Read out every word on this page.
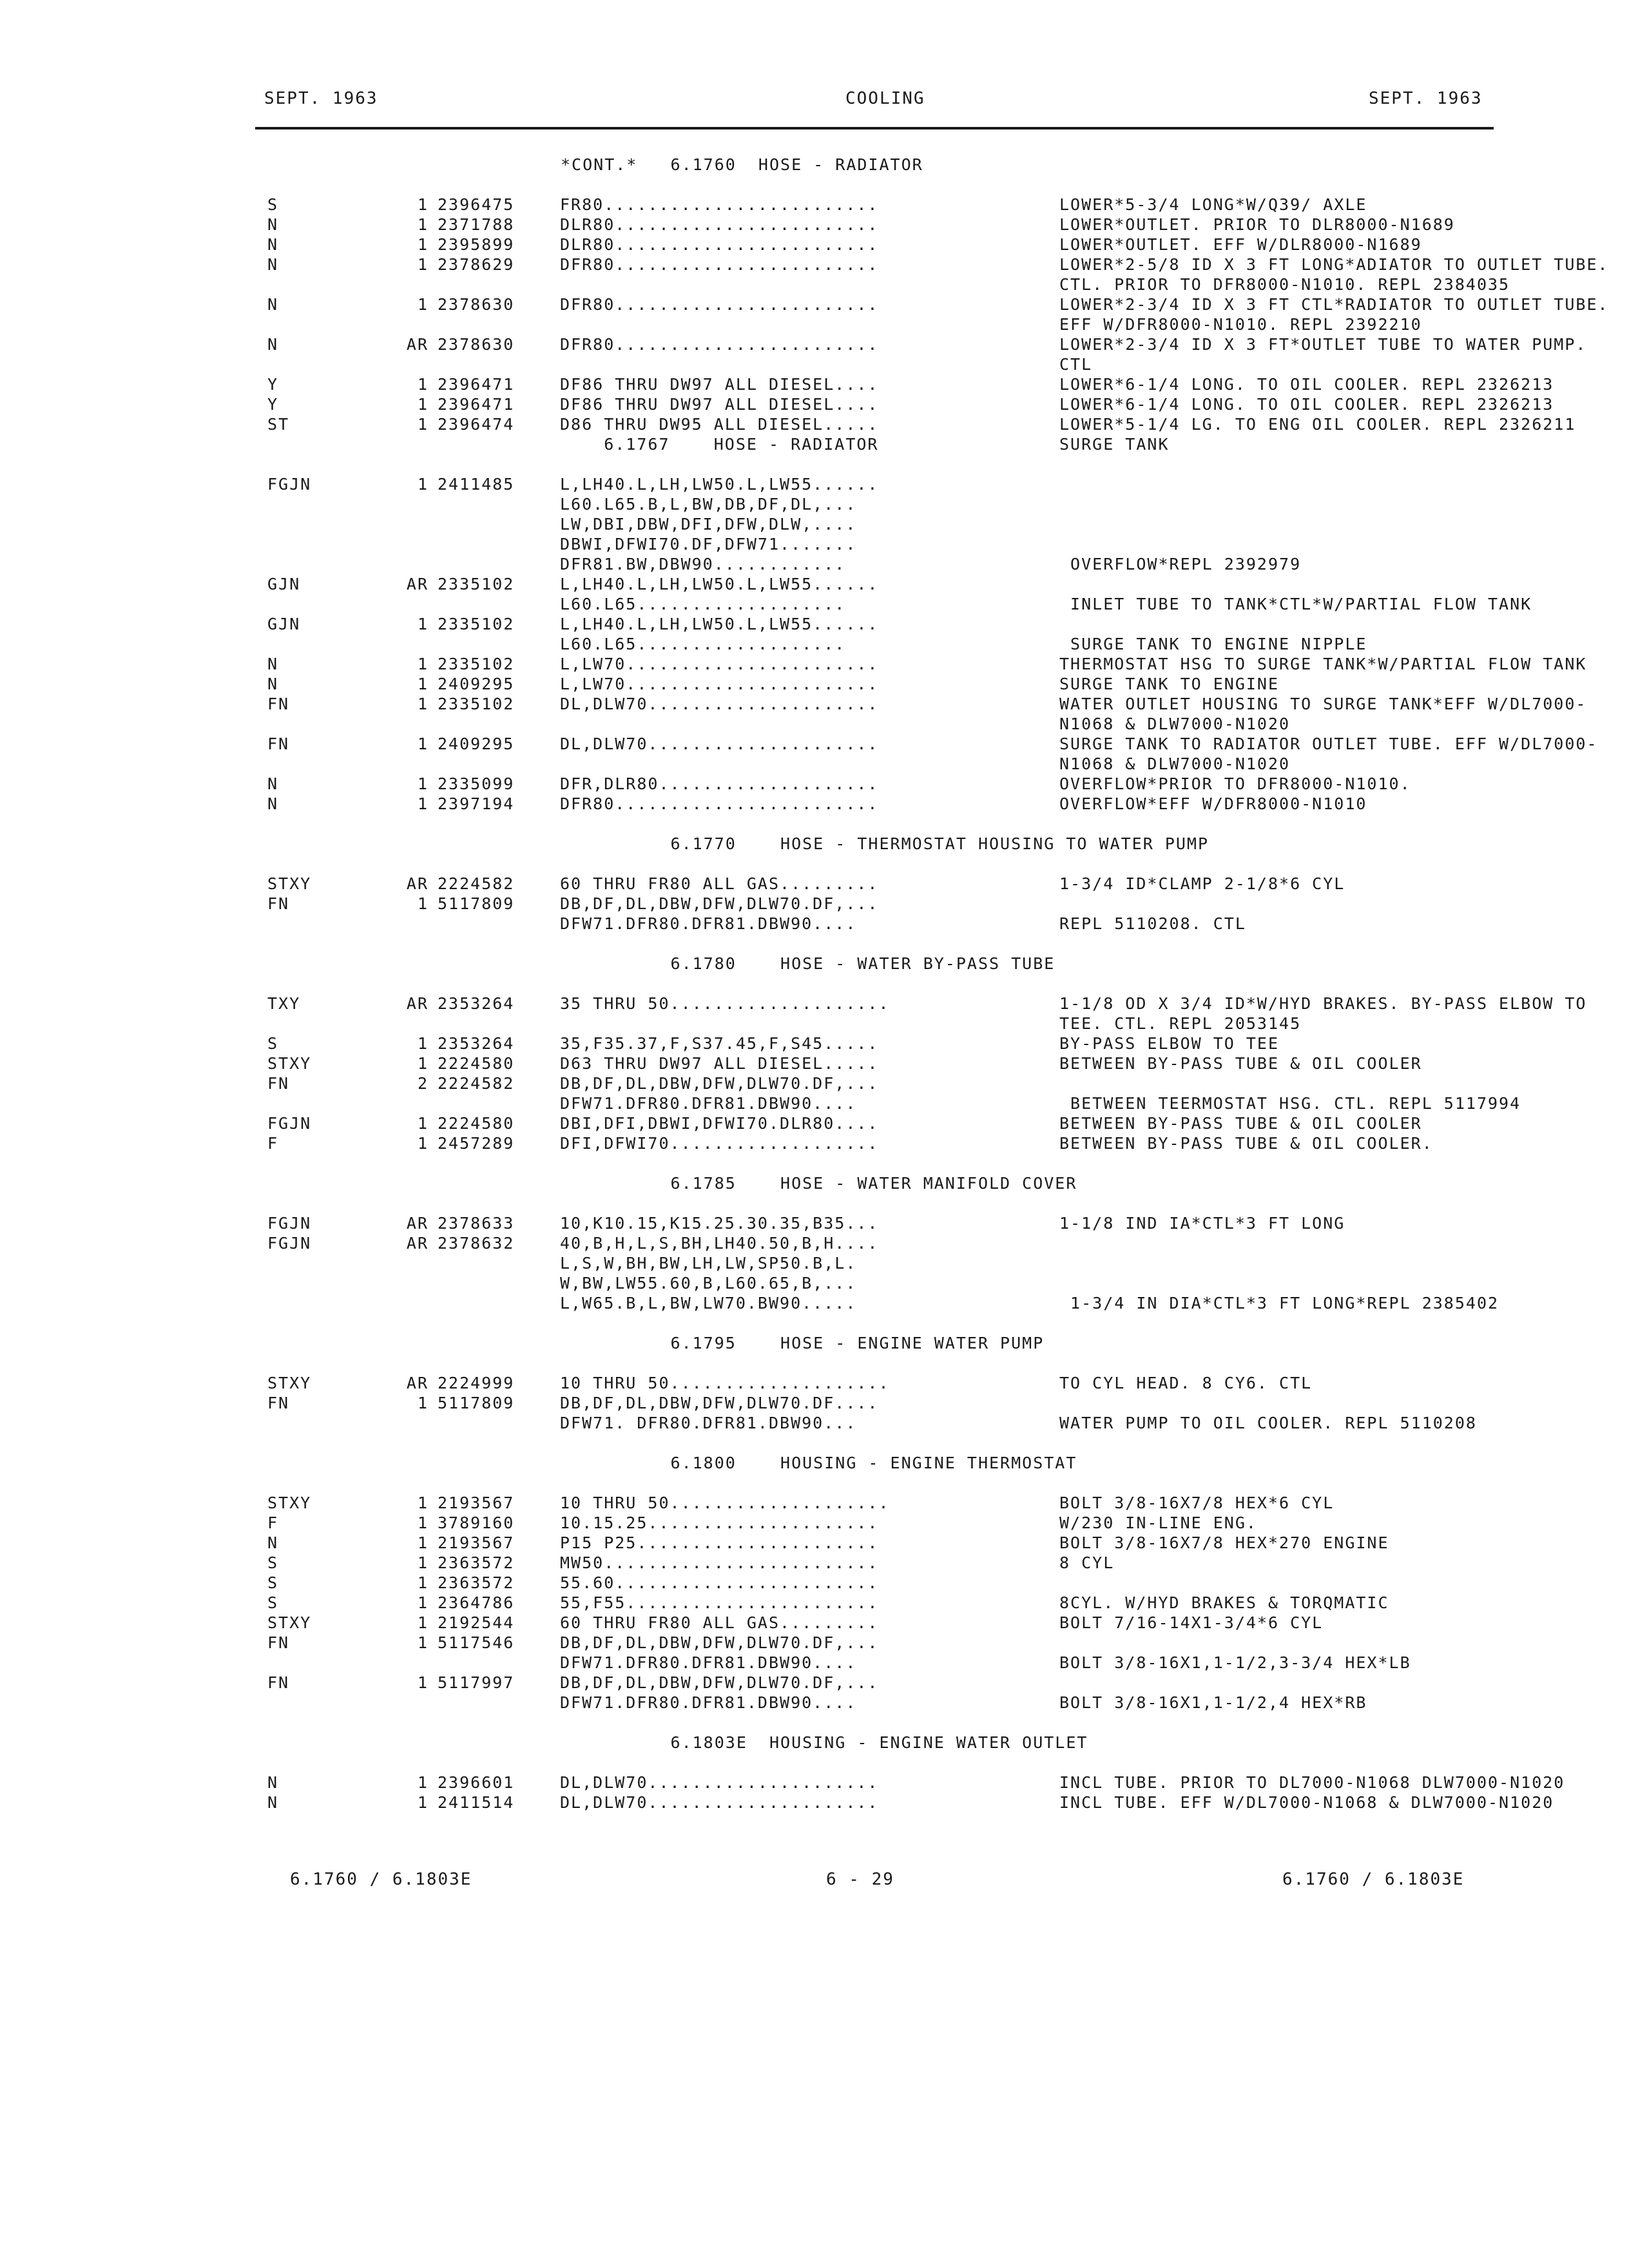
SEPT. 1963	COOLING	SEPT. 1963
*CONT.*   6.1760  HOSE - RADIATOR
S	1 2396475	FR80.........................	LOWER*5-3/4 LONG*W/Q39/ AXLE
N	1 2371788	DLR80........................	LOWER*OUTLET. PRIOR TO DLR8000-N1689
N	1 2395899	DLR80........................	LOWER*OUTLET. EFF W/DLR8000-N1689
N	1 2378629	DFR80........................	LOWER*2-5/8 ID X 3 FT LONG*ADIATOR TO OUTLET TUBE.
CTL. PRIOR TO DFR8000-N1010. REPL 2384035
N	1 2378630	DFR80........................	LOWER*2-3/4 ID X 3 FT CTL*RADIATOR TO OUTLET TUBE.
EFF W/DFR8000-N1010. REPL 2392210
N	AR 2378630	DFR80........................	LOWER*2-3/4 ID X 3 FT*OUTLET TUBE TO WATER PUMP.
CTL
Y	1 2396471	DF86 THRU DW97 ALL DIESEL....	LOWER*6-1/4 LONG. TO OIL COOLER. REPL 2326213
Y	1 2396471	DF86 THRU DW97 ALL DIESEL....	LOWER*6-1/4 LONG. TO OIL COOLER. REPL 2326213
ST	1 2396474	D86 THRU DW95 ALL DIESEL.....	LOWER*5-1/4 LG. TO ENG OIL COOLER. REPL 2326211
6.1767    HOSE - RADIATOR	SURGE TANK
FGJN	1 2411485	L,LH40.L,LH,LW50.L,LW55......
L60.L65.B,L,BW,DB,DF,DL,...
LW,DBI,DBW,DFI,DFW,DLW,....
DBWI,DFWI70.DF,DFW71.......
DFR81.BW,DBW90............	OVERFLOW*REPL 2392979
GJN	AR 2335102	L,LH40.L,LH,LW50.L,LW55......
L60.L65...................	INLET TUBE TO TANK*CTL*W/PARTIAL FLOW TANK
GJN	1 2335102	L,LH40.L,LH,LW50.L,LW55......
L60.L65...................	SURGE TANK TO ENGINE NIPPLE
N	1 2335102	L,LW70.......................	THERMOSTAT HSG TO SURGE TANK*W/PARTIAL FLOW TANK
N	1 2409295	L,LW70.......................	SURGE TANK TO ENGINE
FN	1 2335102	DL,DLW70.....................	WATER OUTLET HOUSING TO SURGE TANK*EFF W/DL7000-
N1068 & DLW7000-N1020
FN	1 2409295	DL,DLW70.....................	SURGE TANK TO RADIATOR OUTLET TUBE. EFF W/DL7000-
N1068 & DLW7000-N1020
N	1 2335099	DFR,DLR80....................	OVERFLOW*PRIOR TO DFR8000-N1010.
N	1 2397194	DFR80........................	OVERFLOW*EFF W/DFR8000-N1010
6.1770    HOSE - THERMOSTAT HOUSING TO WATER PUMP
STXY	AR 2224582	60 THRU FR80 ALL GAS.........	1-3/4 ID*CLAMP 2-1/8*6 CYL
FN	1 5117809	DB,DF,DL,DBW,DFW,DLW70.DF,...
DFW71.DFR80.DFR81.DBW90....	REPL 5110208. CTL
6.1780    HOSE - WATER BY-PASS TUBE
TXY	AR 2353264	35 THRU 50....................	1-1/8 OD X 3/4 ID*W/HYD BRAKES. BY-PASS ELBOW TO
TEE. CTL. REPL 2053145
S	1 2353264	35,F35.37,F,S37.45,F,S45.....	BY-PASS ELBOW TO TEE
STXY	1 2224580	D63 THRU DW97 ALL DIESEL.....	BETWEEN BY-PASS TUBE & OIL COOLER
FN	2 2224582	DB,DF,DL,DBW,DFW,DLW70.DF,...
DFW71.DFR80.DFR81.DBW90....	BETWEEN TEERMOSTAT HSG. CTL. REPL 5117994
FGJN	1 2224580	DBI,DFI,DBWI,DFWI70.DLR80....	BETWEEN BY-PASS TUBE & OIL COOLER
F	1 2457289	DFI,DFWI70...................	BETWEEN BY-PASS TUBE & OIL COOLER.
6.1785    HOSE - WATER MANIFOLD COVER
FGJN	AR 2378633	10,K10.15,K15.25.30.35,B35...	1-1/8 IND IA*CTL*3 FT LONG
FGJN	AR 2378632	40,B,H,L,S,BH,LH40.50,B,H....
L,S,W,BH,BW,LH,LW,SP50.B,L.
W,BW,LW55.60,B,L60.65,B,...
L,W65.B,L,BW,LW70.BW90.....	1-3/4 IN DIA*CTL*3 FT LONG*REPL 2385402
6.1795    HOSE - ENGINE WATER PUMP
STXY	AR 2224999	10 THRU 50....................	TO CYL HEAD. 8 CY6. CTL
FN	1 5117809	DB,DF,DL,DBW,DFW,DLW70.DF....
DFW71. DFR80.DFR81.DBW90...	WATER PUMP TO OIL COOLER. REPL 5110208
6.1800    HOUSING - ENGINE THERMOSTAT
STXY	1 2193567	10 THRU 50....................	BOLT 3/8-16X7/8 HEX*6 CYL
F	1 3789160	10.15.25.....................	W/230 IN-LINE ENG.
N	1 2193567	P15 P25......................	BOLT 3/8-16X7/8 HEX*270 ENGINE
S	1 2363572	MW50.........................	8 CYL
S	1 2363572	55.60........................
S	1 2364786	55,F55.......................	8CYL. W/HYD BRAKES & TORQMATIC
STXY	1 2192544	60 THRU FR80 ALL GAS.........	BOLT 7/16-14X1-3/4*6 CYL
FN	1 5117546	DB,DF,DL,DBW,DFW,DLW70.DF,...
DFW71.DFR80.DFR81.DBW90....	BOLT 3/8-16X1,1-1/2,3-3/4 HEX*LB
FN	1 5117997	DB,DF,DL,DBW,DFW,DLW70.DF,...
DFW71.DFR80.DFR81.DBW90....	BOLT 3/8-16X1,1-1/2,4 HEX*RB
6.1803E  HOUSING - ENGINE WATER OUTLET
N	1 2396601	DL,DLW70.....................	INCL TUBE. PRIOR TO DL7000-N1068 DLW7000-N1020
N	1 2411514	DL,DLW70.....................	INCL TUBE. EFF W/DL7000-N1068 & DLW7000-N1020
6.1760 / 6.1803E	6 - 29	6.1760 / 6.1803E
